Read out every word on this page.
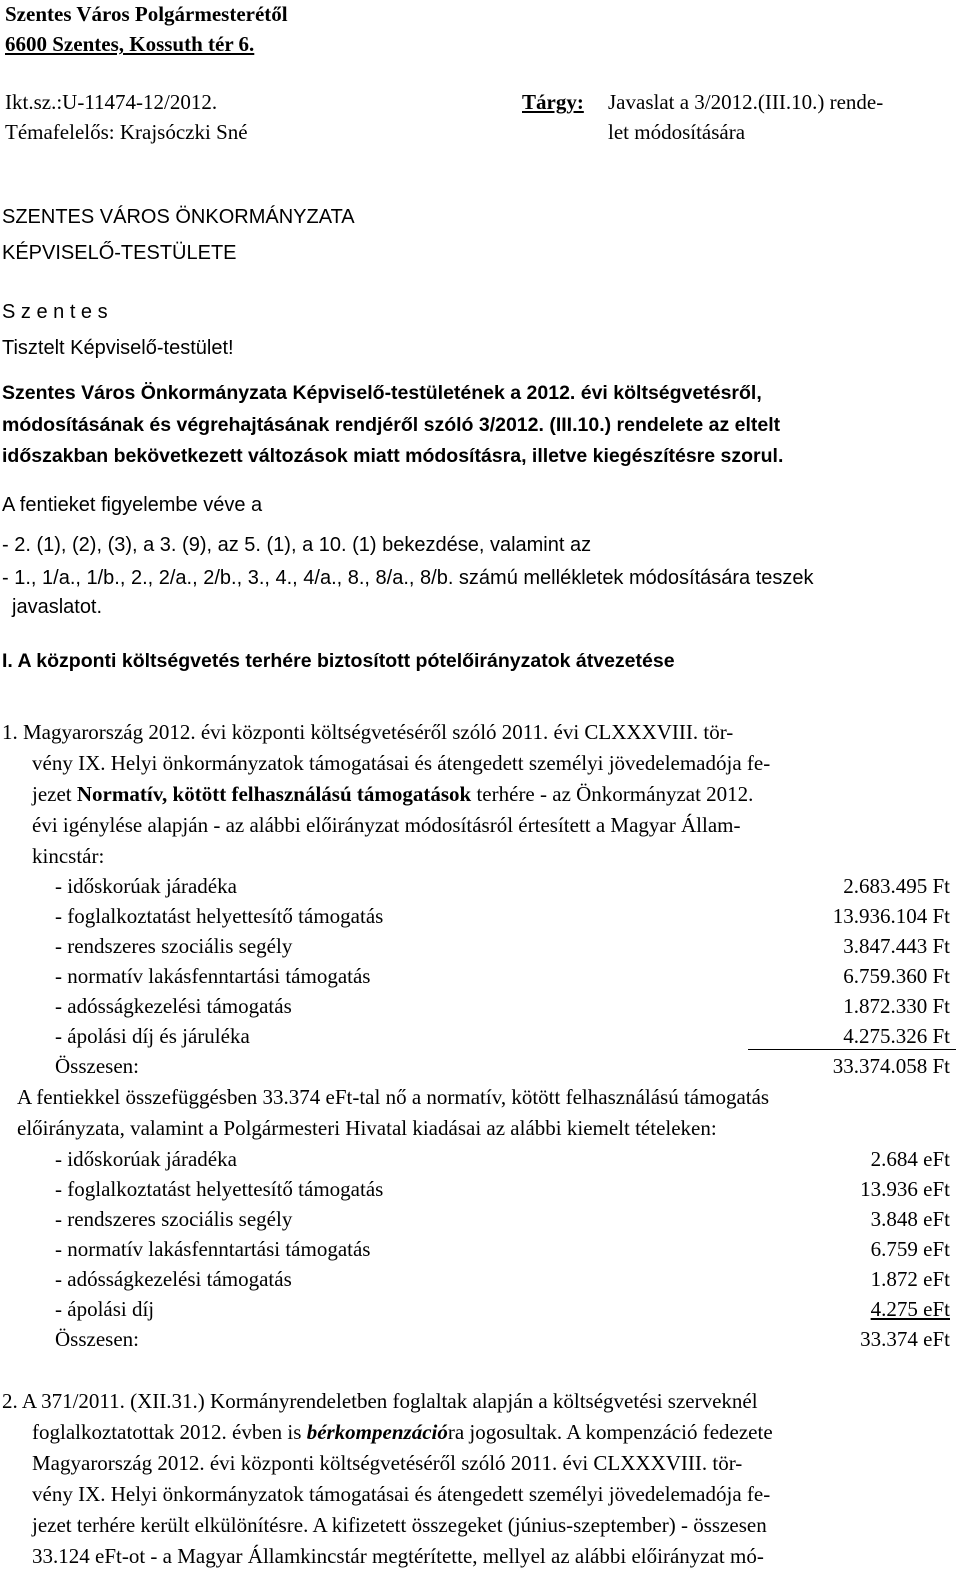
Szentes Város Polgármesterétől
6600 Szentes, Kossuth tér 6.
Ikt.sz.:U-11474-12/2012.
Témafelelős: Krajsóczki Sné
Tárgy: Javaslat a 3/2012.(III.10.) rende-
let módosítására
SZENTES VÁROS ÖNKORMÁNYZATA
KÉPVISELŐ-TESTÜLETE
S z e n t e s
Tisztelt Képviselő-testület!
Szentes Város Önkormányzata Képviselő-testületének a 2012. évi költségvetésről,
módosításának és végrehajtásának rendjéről szóló 3/2012. (III.10.) rendelete az eltelt
időszakban bekövetkezett változások miatt módosításra, illetve kiegészítésre szorul.
A fentieket figyelembe véve a
- 2. (1), (2), (3), a 3. (9), az 5. (1), a 10. (1) bekezdése, valamint az
- 1., 1/a., 1/b., 2., 2/a., 2/b., 3., 4., 4/a., 8., 8/a., 8/b. számú mellékletek módosítására teszek
javaslatot.
I. A központi költségvetés terhére biztosított pótelőirányzatok átvezetése
1. Magyarország 2012. évi központi költségvetéséről szóló 2011. évi CLXXXVIII. tör-
vény IX. Helyi önkormányzatok támogatásai és átengedett személyi jövedelemadója fe-
jezet Normatív, kötött felhasználású támogatások terhére - az Önkormányzat 2012.
évi igénylése alapján - az alábbi előirányzat módosításról értesített a Magyar Állam-
kincstár:
- időskorúak járadéka	2.683.495 Ft
- foglalkoztatást helyettesítő támogatás	13.936.104 Ft
- rendszeres szociális segély	3.847.443 Ft
- normatív lakásfenntartási támogatás	6.759.360 Ft
- adósságkezelési támogatás	1.872.330 Ft
- ápolási díj és járuléka	4.275.326 Ft
Összesen:	33.374.058 Ft
A fentiekkel összefüggésben 33.374 eFt-tal nő a normatív, kötött felhasználású támogatás
előirányzata, valamint a Polgármesteri Hivatal kiadásai az alábbi kiemelt tételeken:
- időskorúak járadéka	2.684 eFt
- foglalkoztatást helyettesítő támogatás	13.936 eFt
- rendszeres szociális segély	3.848 eFt
- normatív lakásfenntartási támogatás	6.759 eFt
- adósságkezelési támogatás	1.872 eFt
- ápolási díj	4.275 eFt
Összesen:	33.374 eFt
2. A 371/2011. (XII.31.) Kormányrendeletben foglaltak alapján a költségvetési szerveknél
foglalkoztatottak 2012. évben is bérkompenzációra jogosultak. A kompenzáció fedezete
Magyarország 2012. évi központi költségvetéséről szóló 2011. évi CLXXXVIII. tör-
vény IX. Helyi önkormányzatok támogatásai és átengedett személyi jövedelemadója fe-
jezet terhére került elkülönítésre. A kifizetett összegeket (június-szeptember) - összesen
33.124 eFt-ot - a Magyar Államkincstár megtérítette, mellyel az alábbi előirányzat mó-
